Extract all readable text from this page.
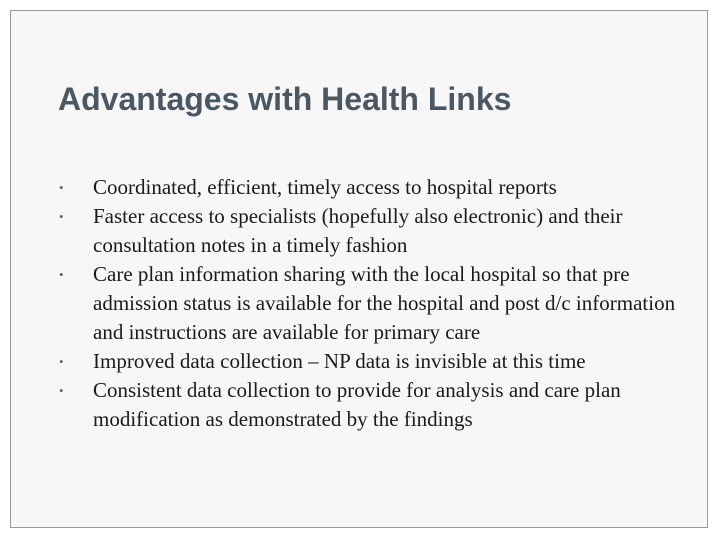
Advantages with Health Links
•	Coordinated, efficient, timely access to hospital reports
•	Faster access to specialists (hopefully also electronic) and their consultation notes in a timely fashion
•	Care plan information sharing with the local hospital so that pre admission status is available for the hospital and post d/c information and instructions are available for primary care
•	Improved data collection – NP data is invisible at this time
•	Consistent data collection to provide for analysis and care plan modification as demonstrated by the findings
